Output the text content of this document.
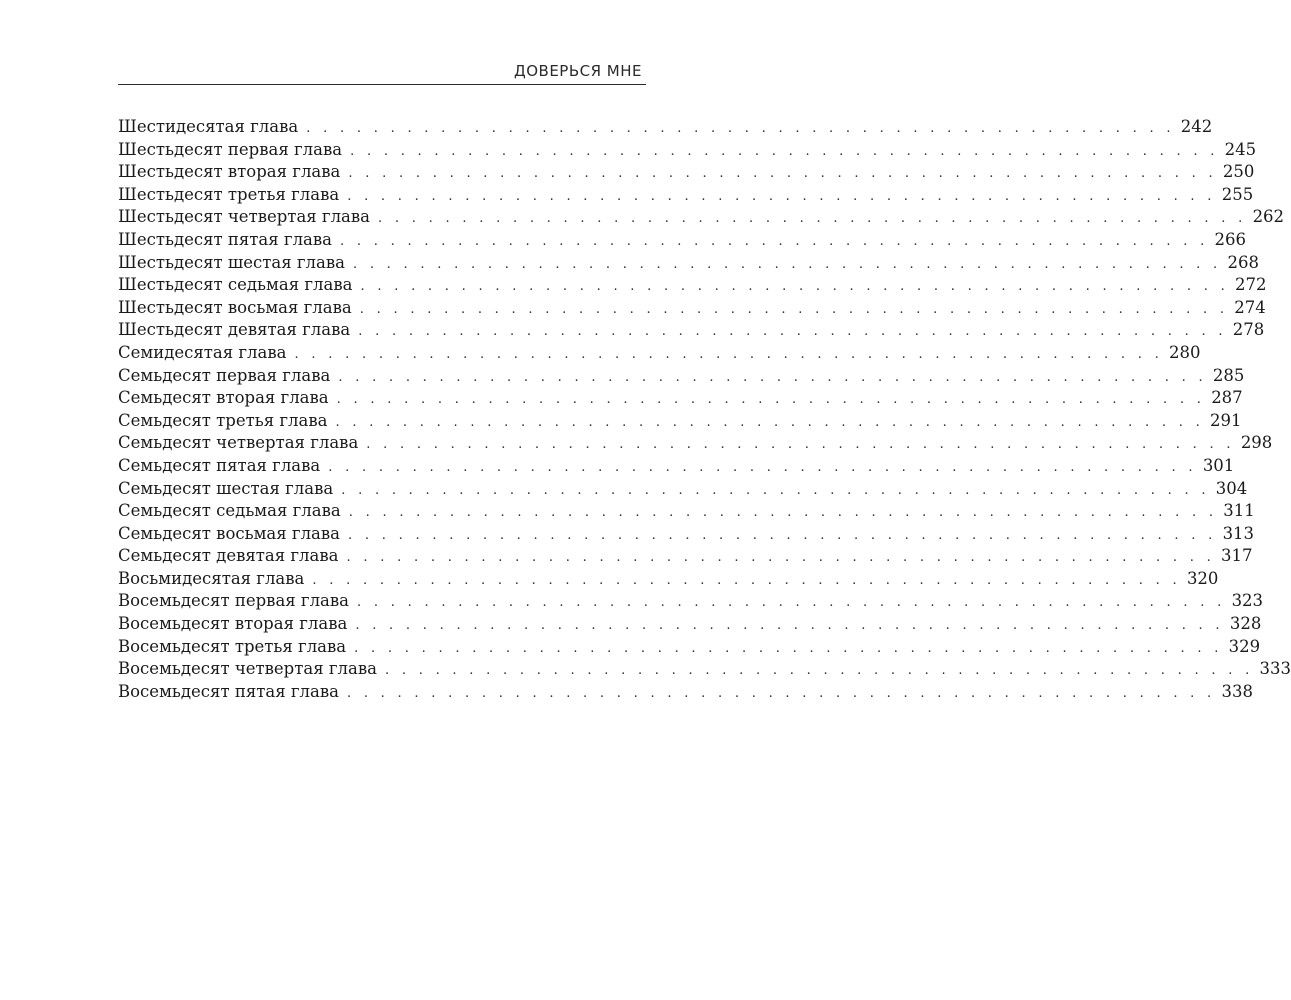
ДОВЕРЬСЯ МНЕ
Шестидесятая глава . . . . . . . . . . . . . . . . . . . . . . . . . . . . . . . . . . . . . . . . . . . . . . . . . . . . 242
Шестьдесят первая глава . . . . . . . . . . . . . . . . . . . . . . . . . . . . . . . . . . . . . . . . . . . . . . . . . . . . 245
Шестьдесят вторая глава . . . . . . . . . . . . . . . . . . . . . . . . . . . . . . . . . . . . . . . . . . . . . . . . . . . . 250
Шестьдесят третья глава . . . . . . . . . . . . . . . . . . . . . . . . . . . . . . . . . . . . . . . . . . . . . . . . . . . . 255
Шестьдесят четвертая глава . . . . . . . . . . . . . . . . . . . . . . . . . . . . . . . . . . . . . . . . . . . . . . . . . . . . 262
Шестьдесят пятая глава . . . . . . . . . . . . . . . . . . . . . . . . . . . . . . . . . . . . . . . . . . . . . . . . . . . . 266
Шестьдесят шестая глава . . . . . . . . . . . . . . . . . . . . . . . . . . . . . . . . . . . . . . . . . . . . . . . . . . . . 268
Шестьдесят седьмая глава . . . . . . . . . . . . . . . . . . . . . . . . . . . . . . . . . . . . . . . . . . . . . . . . . . . . 272
Шестьдесят восьмая глава . . . . . . . . . . . . . . . . . . . . . . . . . . . . . . . . . . . . . . . . . . . . . . . . . . . . 274
Шестьдесят девятая глава . . . . . . . . . . . . . . . . . . . . . . . . . . . . . . . . . . . . . . . . . . . . . . . . . . . . 278
Семидесятая глава . . . . . . . . . . . . . . . . . . . . . . . . . . . . . . . . . . . . . . . . . . . . . . . . . . . . 280
Семьдесят первая глава . . . . . . . . . . . . . . . . . . . . . . . . . . . . . . . . . . . . . . . . . . . . . . . . . . . . 285
Семьдесят вторая глава . . . . . . . . . . . . . . . . . . . . . . . . . . . . . . . . . . . . . . . . . . . . . . . . . . . . 287
Семьдесят третья глава . . . . . . . . . . . . . . . . . . . . . . . . . . . . . . . . . . . . . . . . . . . . . . . . . . . . 291
Семьдесят четвертая глава . . . . . . . . . . . . . . . . . . . . . . . . . . . . . . . . . . . . . . . . . . . . . . . . . . . . 298
Семьдесят пятая глава . . . . . . . . . . . . . . . . . . . . . . . . . . . . . . . . . . . . . . . . . . . . . . . . . . . . 301
Семьдесят шестая глава . . . . . . . . . . . . . . . . . . . . . . . . . . . . . . . . . . . . . . . . . . . . . . . . . . . . 304
Семьдесят седьмая глава . . . . . . . . . . . . . . . . . . . . . . . . . . . . . . . . . . . . . . . . . . . . . . . . . . . . 311
Семьдесят восьмая глава . . . . . . . . . . . . . . . . . . . . . . . . . . . . . . . . . . . . . . . . . . . . . . . . . . . . 313
Семьдесят девятая глава . . . . . . . . . . . . . . . . . . . . . . . . . . . . . . . . . . . . . . . . . . . . . . . . . . . . 317
Восьмидесятая глава . . . . . . . . . . . . . . . . . . . . . . . . . . . . . . . . . . . . . . . . . . . . . . . . . . . . 320
Восемьдесят первая глава . . . . . . . . . . . . . . . . . . . . . . . . . . . . . . . . . . . . . . . . . . . . . . . . . . . . 323
Восемьдесят вторая глава . . . . . . . . . . . . . . . . . . . . . . . . . . . . . . . . . . . . . . . . . . . . . . . . . . . . 328
Восемьдесят третья глава . . . . . . . . . . . . . . . . . . . . . . . . . . . . . . . . . . . . . . . . . . . . . . . . . . . . 329
Восемьдесят четвертая глава . . . . . . . . . . . . . . . . . . . . . . . . . . . . . . . . . . . . . . . . . . . . . . . . . . . . 333
Восемьдесят пятая глава . . . . . . . . . . . . . . . . . . . . . . . . . . . . . . . . . . . . . . . . . . . . . . . . . . . . 338
